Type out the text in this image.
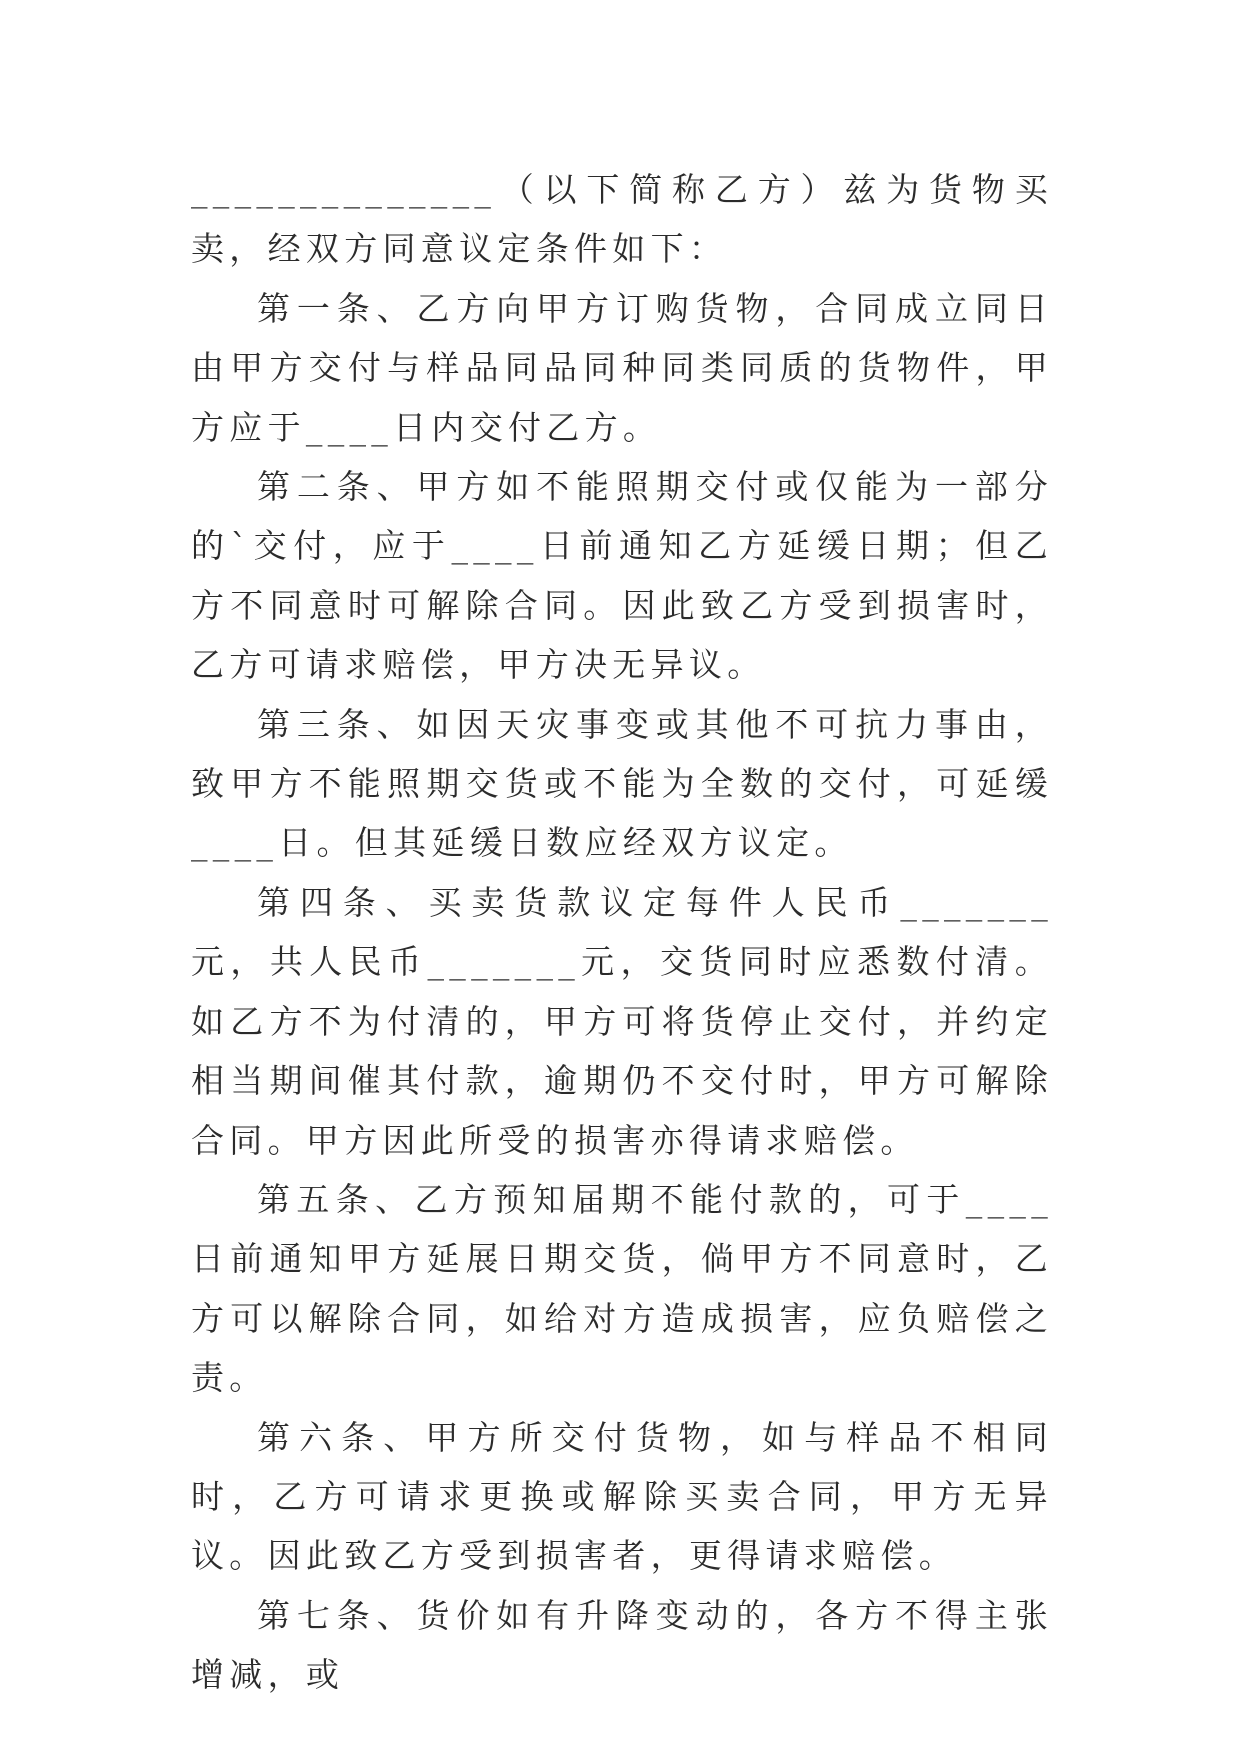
______________（以下简称乙方）兹为货物买卖，经双方同意议定条件如下：

第一条、乙方向甲方订购货物，合同成立同日由甲方交付与样品同品同种同类同质的货物件，甲方应于____日内交付乙方。

第二条、甲方如不能照期交付或仅能为一部分的`交付，应于____日前通知乙方延缓日期；但乙方不同意时可解除合同。因此致乙方受到损害时，乙方可请求赔偿，甲方决无异议。

第三条、如因天灾事变或其他不可抗力事由，致甲方不能照期交货或不能为全数的交付，可延缓____日。但其延缓日数应经双方议定。

第四条、买卖货款议定每件人民币_______元，共人民币_______元，交货同时应悉数付清。如乙方不为付清的，甲方可将货停止交付，并约定相当期间催其付款，逾期仍不交付时，甲方可解除合同。甲方因此所受的损害亦得请求赔偿。

第五条、乙方预知届期不能付款的，可于____日前通知甲方延展日期交货，倘甲方不同意时，乙方可以解除合同，如给对方造成损害，应负赔偿之责。

第六条、甲方所交付货物，如与样品不相同时，乙方可请求更换或解除买卖合同，甲方无异议。因此致乙方受到损害者，更得请求赔偿。

第七条、货价如有升降变动的，各方不得主张增减，或
